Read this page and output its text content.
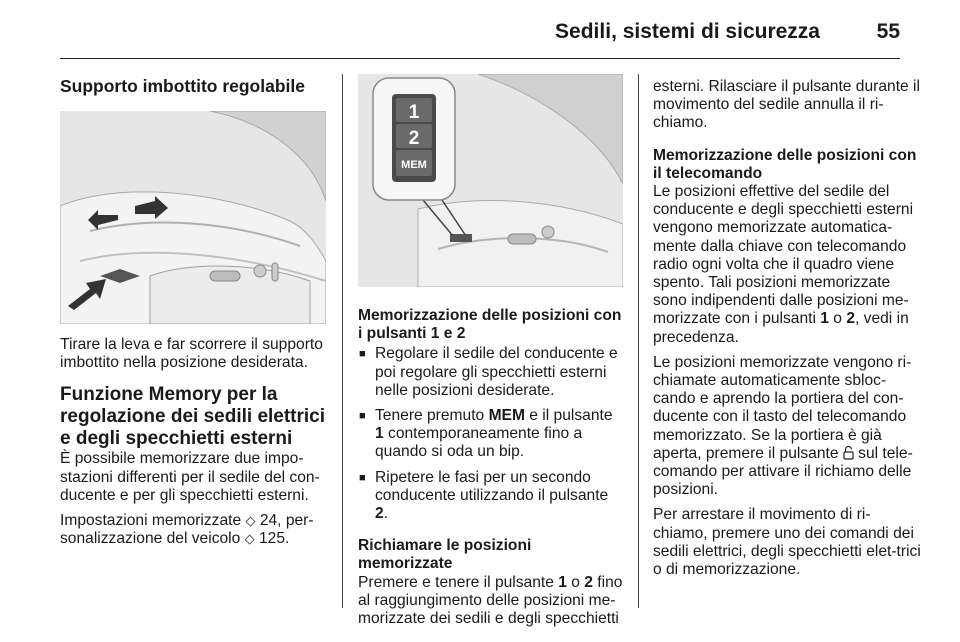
Sedili, sistemi di sicurezza	55
Supporto imbottito regolabile

Tirare la leva e far scorrere il supporto imbottito nella posizione desiderata.

Funzione Memory per la regolazione dei sedili elettrici e degli specchietti esterni

È possibile memorizzare due impo-stazioni differenti per il sedile del con-ducente e per gli specchietti esterni.

Impostazioni memorizzate ◇ 24, per-sonalizzazione del veicolo ◇ 125.

1
2
MEM

Memorizzazione delle posizioni con i pulsanti 1 e 2

■ Regolare il sedile del conducente e poi regolare gli specchietti esterni nelle posizioni desiderate.
■ Tenere premuto MEM e il pulsante 1 contemporaneamente fino a quando si oda un bip.
■ Ripetere le fasi per un secondo conducente utilizzando il pulsante 2.

Richiamare le posizioni memorizzate

Premere e tenere il pulsante 1 o 2 fino al raggiungimento delle posizioni me-morizzate dei sedili e degli specchietti

esterni. Rilasciare il pulsante durante il movimento del sedile annulla il ri-chiamo.

Memorizzazione delle posizioni con il telecomando

Le posizioni effettive del sedile del conducente e degli specchietti esterni vengono memorizzate automatica-mente dalla chiave con telecomando radio ogni volta che il quadro viene spento. Tali posizioni memorizzate sono indipendenti dalle posizioni me-morizzate con i pulsanti 1 o 2, vedi in precedenza.

Le posizioni memorizzate vengono ri-chiamate automaticamente sbloc-cando e aprendo la portiera del con-ducente con il tasto del telecomando memorizzato. Se la portiera è già aperta, premere il pulsante  sul tele-comando per attivare il richiamo delle posizioni.

Per arrestare il movimento di ri-chiamo, premere uno dei comandi dei sedili elettrici, degli specchietti elet-trici o di memorizzazione.
